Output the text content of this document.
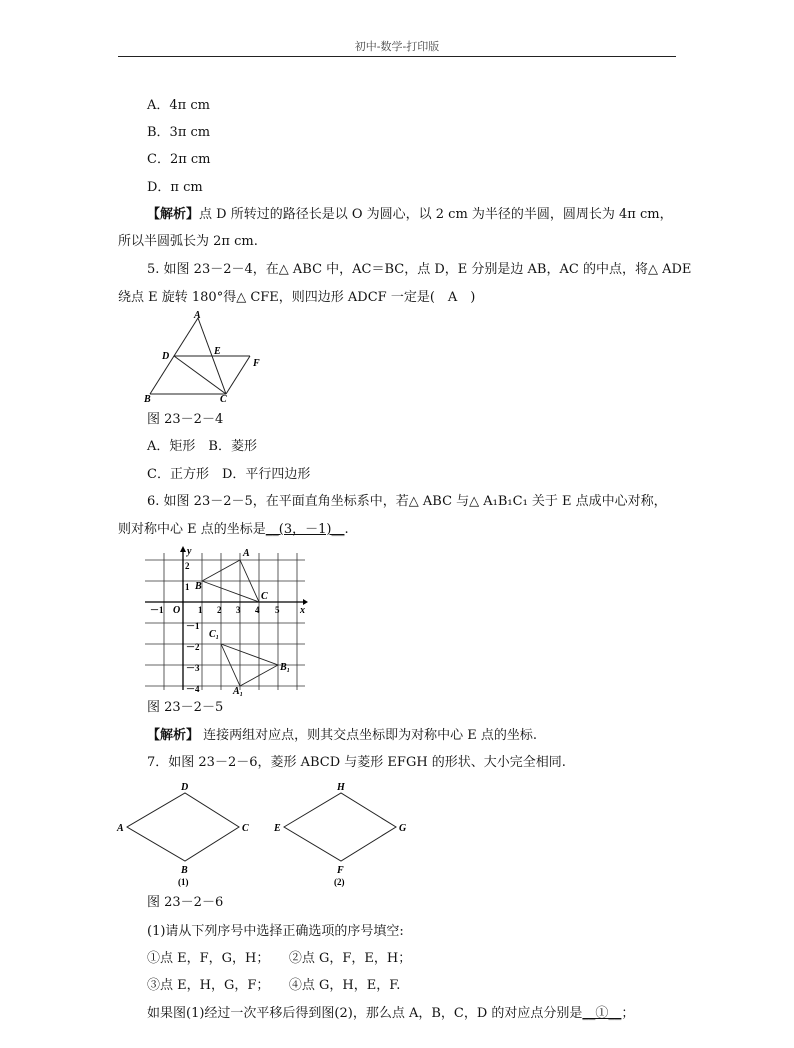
初中-数学-打印版
A．4π cm
B．3π cm
C．2π cm
D．π cm
【解析】点 D 所转过的路径长是以 O 为圆心，以 2 cm 为半径的半圆，圆周长为 4π cm，
所以半圆弧长为 2π cm.
5. 如图 23－2－4，在△ ABC 中，AC＝BC，点 D，E 分别是边 AB，AC 的中点，将△ ADE
绕点 E 旋转 180°得△ CFE，则四边形 ADCF 一定是(　A　)
A
B	C
D	E
F
图 23－2－4
A．矩形　B．菱形
C．正方形　D．平行四边形
6. 如图 23－2－5，在平面直角坐标系中，若△ ABC 与△ A₁B₁C₁ 关于 E 点成中心对称，
则对称中心 E 点的坐标是__(3，－1)__.
x
y
－1 O 1 2 3 4 5
2
1
－1
－2
－3
－4
A
B
C
A₁
B₁
C₁
图 23－2－5
【解析】 连接两组对应点，则其交点坐标即为对称中心 E 点的坐标.
7．如图 23－2－6，菱形 ABCD 与菱形 EFGH 的形状、大小完全相同.
A
D
C
B
(1)
E
H
G
F
(2)
图 23－2－6
(1)请从下列序号中选择正确选项的序号填空:
①点 E，F，G，H；　　②点 G，F，E，H；
③点 E，H，G，F；　　④点 G，H，E，F.
如果图(1)经过一次平移后得到图(2)，那么点 A，B，C，D 的对应点分别是__①__；
